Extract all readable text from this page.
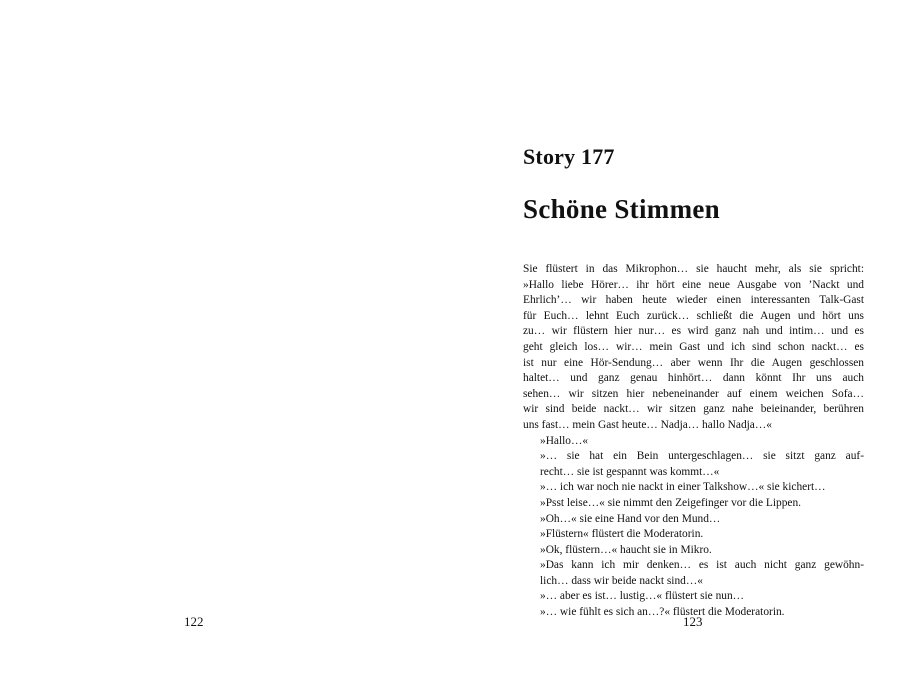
122
Story 177
Schöne Stimmen

Sie flüstert in das Mikrophon… sie haucht mehr, als sie spricht:
»Hallo liebe Hörer… ihr hört eine neue Ausgabe von ’Nackt und
Ehrlich’… wir haben heute wieder einen interessanten Talk-Gast
für Euch… lehnt Euch zurück… schließt die Augen und hört uns
zu… wir flüstern hier nur… es wird ganz nah und intim… und es
geht gleich los… wir… mein Gast und ich sind schon nackt… es
ist nur eine Hör-Sendung… aber wenn Ihr die Augen geschlossen
haltet… und ganz genau hinhört… dann könnt Ihr uns auch
sehen… wir sitzen hier nebeneinander auf einem weichen Sofa…
wir sind beide nackt… wir sitzen ganz nahe beieinander, berühren
uns fast… mein Gast heute… Nadja… hallo Nadja…«

»Hallo…«

»… sie hat ein Bein untergeschlagen… sie sitzt ganz auf-
recht… sie ist gespannt was kommt…«

»… ich war noch nie nackt in einer Talkshow…« sie kichert…

»Psst leise…« sie nimmt den Zeigefinger vor die Lippen.

»Oh…« sie eine Hand vor den Mund…

»Flüstern« flüstert die Moderatorin.

»Ok, flüstern…« haucht sie in Mikro.

»Das kann ich mir denken… es ist auch nicht ganz gewöhn-
lich… dass wir beide nackt sind…«

»… aber es ist… lustig…« flüstert sie nun…

»… wie fühlt es sich an…?« flüstert die Moderatorin.

123
